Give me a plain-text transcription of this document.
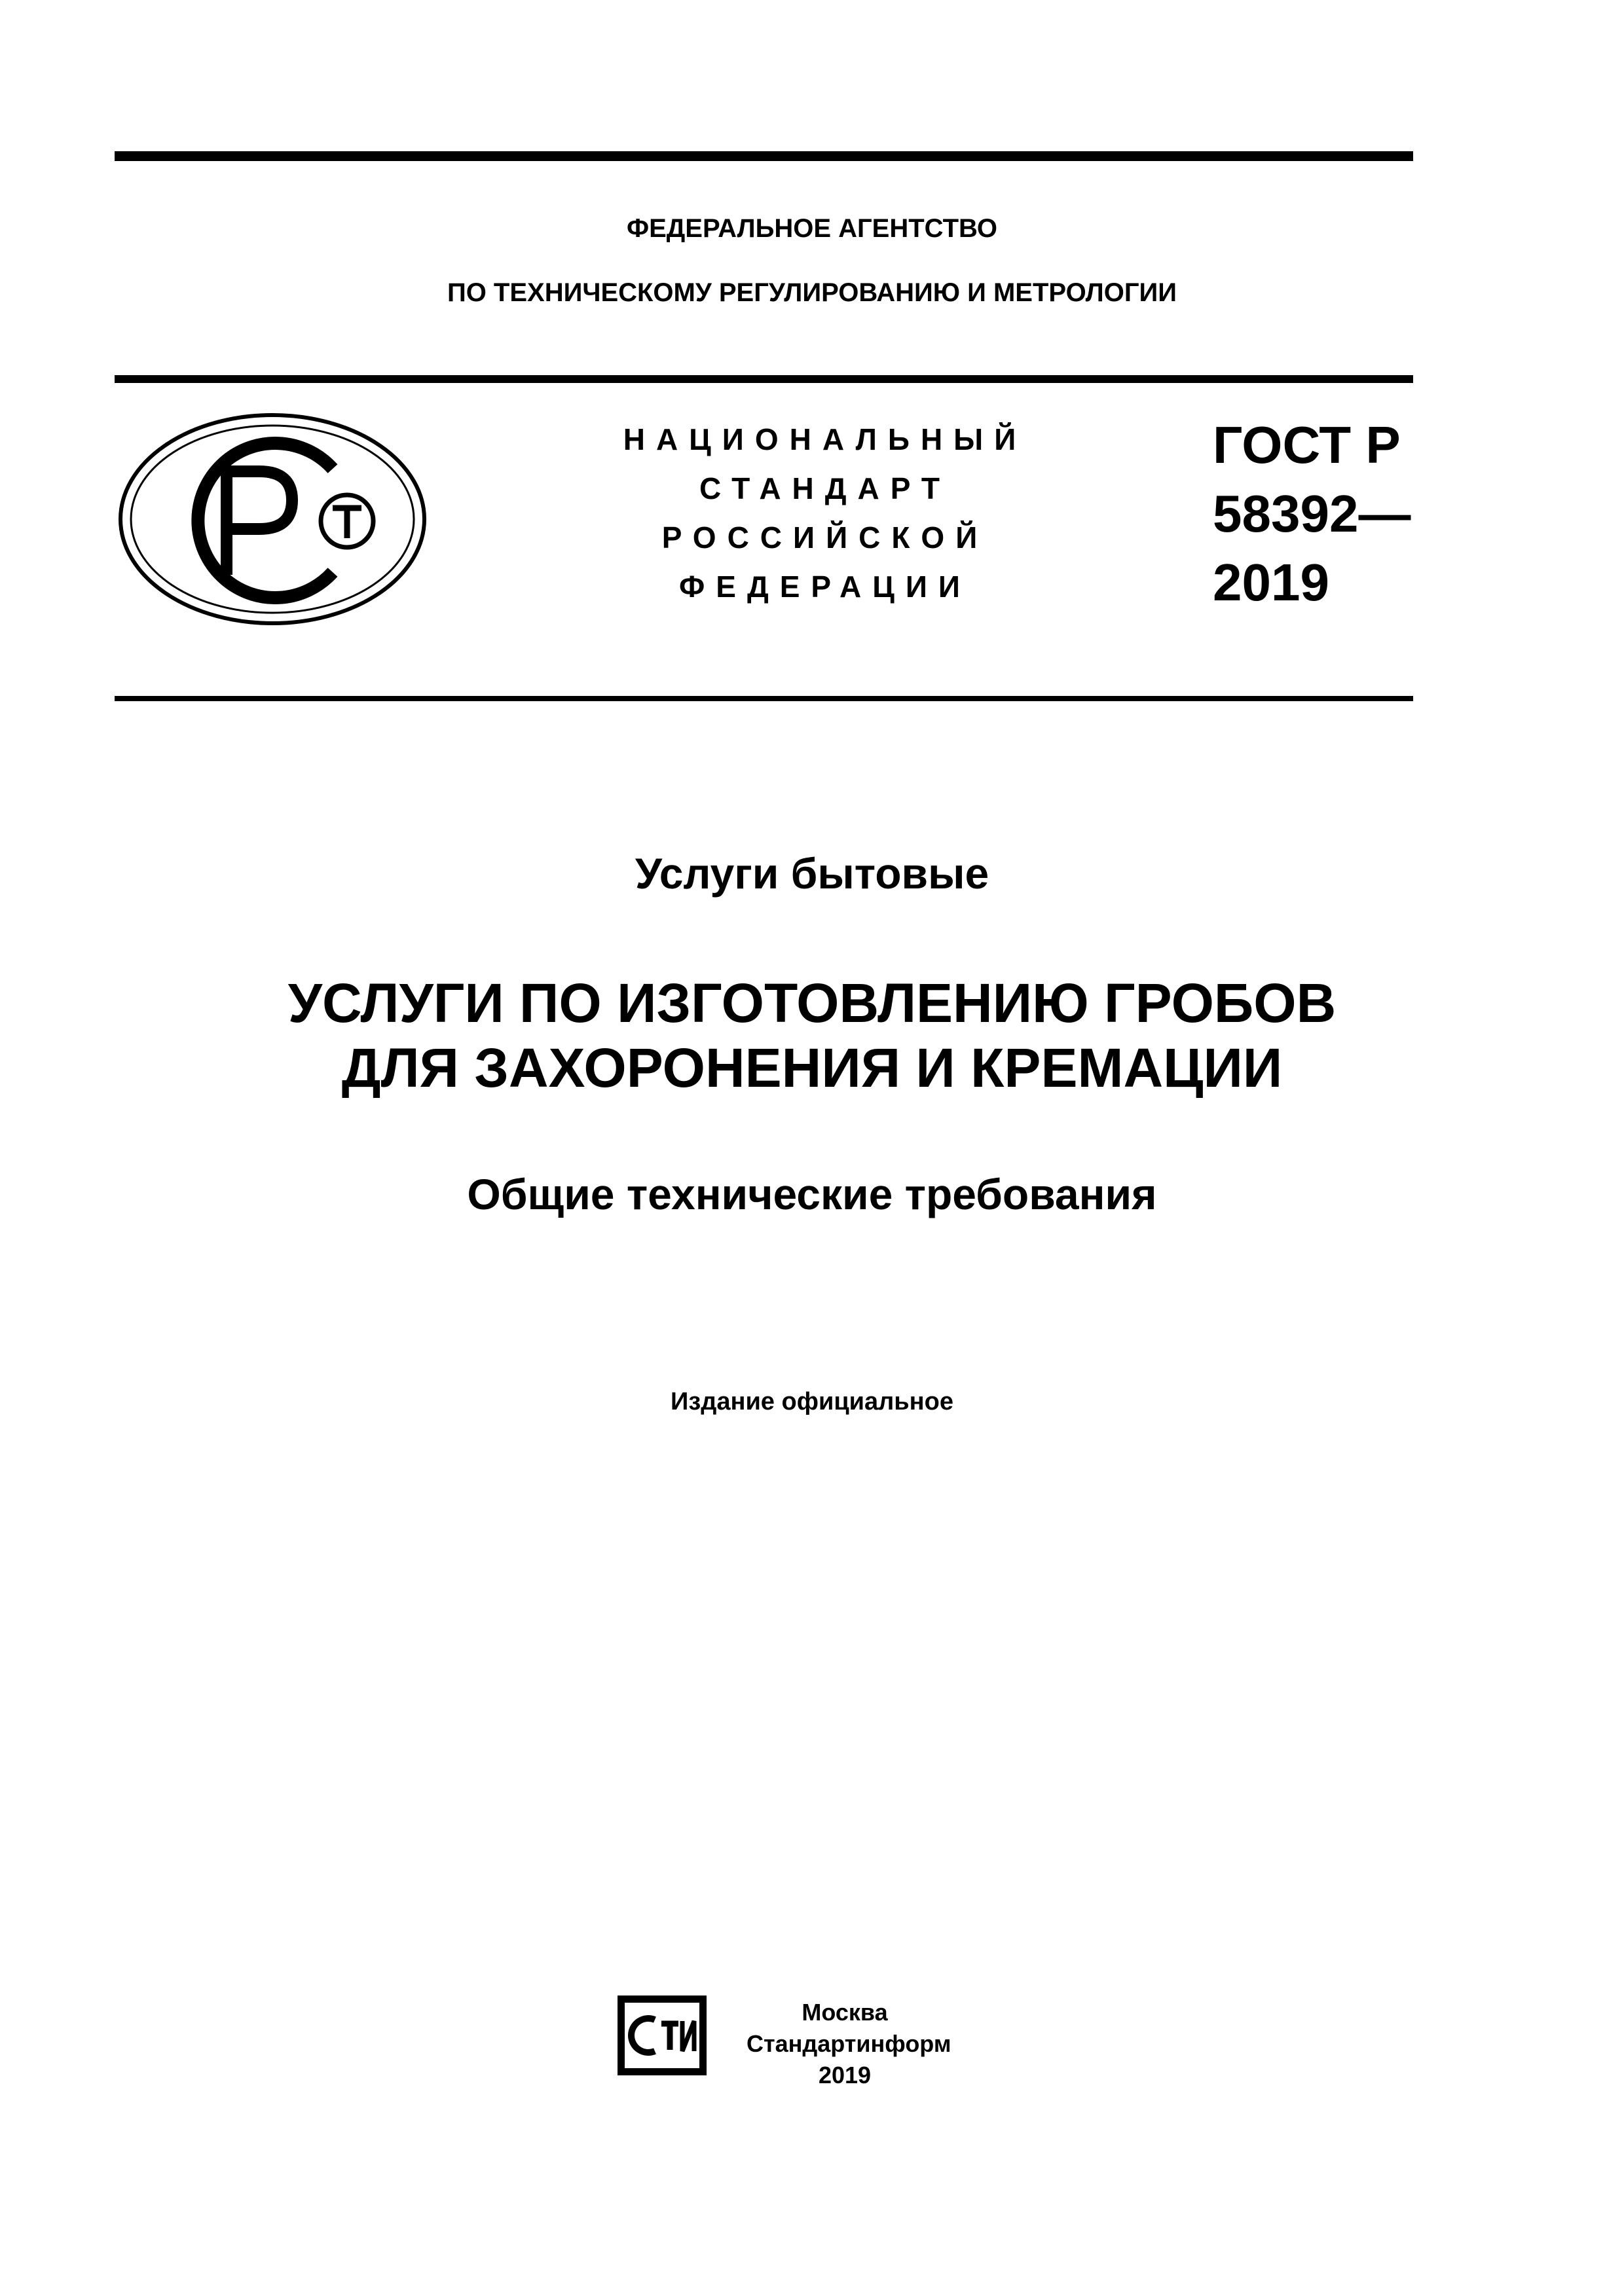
ФЕДЕРАЛЬНОЕ АГЕНТСТВО
ПО ТЕХНИЧЕСКОМУ РЕГУЛИРОВАНИЮ И МЕТРОЛОГИИ
НАЦИОНАЛЬНЫЙ
СТАНДАРТ
РОССИЙСКОЙ
ФЕДЕРАЦИИ
ГОСТ Р
58392—
2019
Услуги бытовые
УСЛУГИ ПО ИЗГОТОВЛЕНИЮ ГРОБОВ
ДЛЯ ЗАХОРОНЕНИЯ И КРЕМАЦИИ
Общие технические требования
Издание официальное
Москва
Стандартинформ
2019
